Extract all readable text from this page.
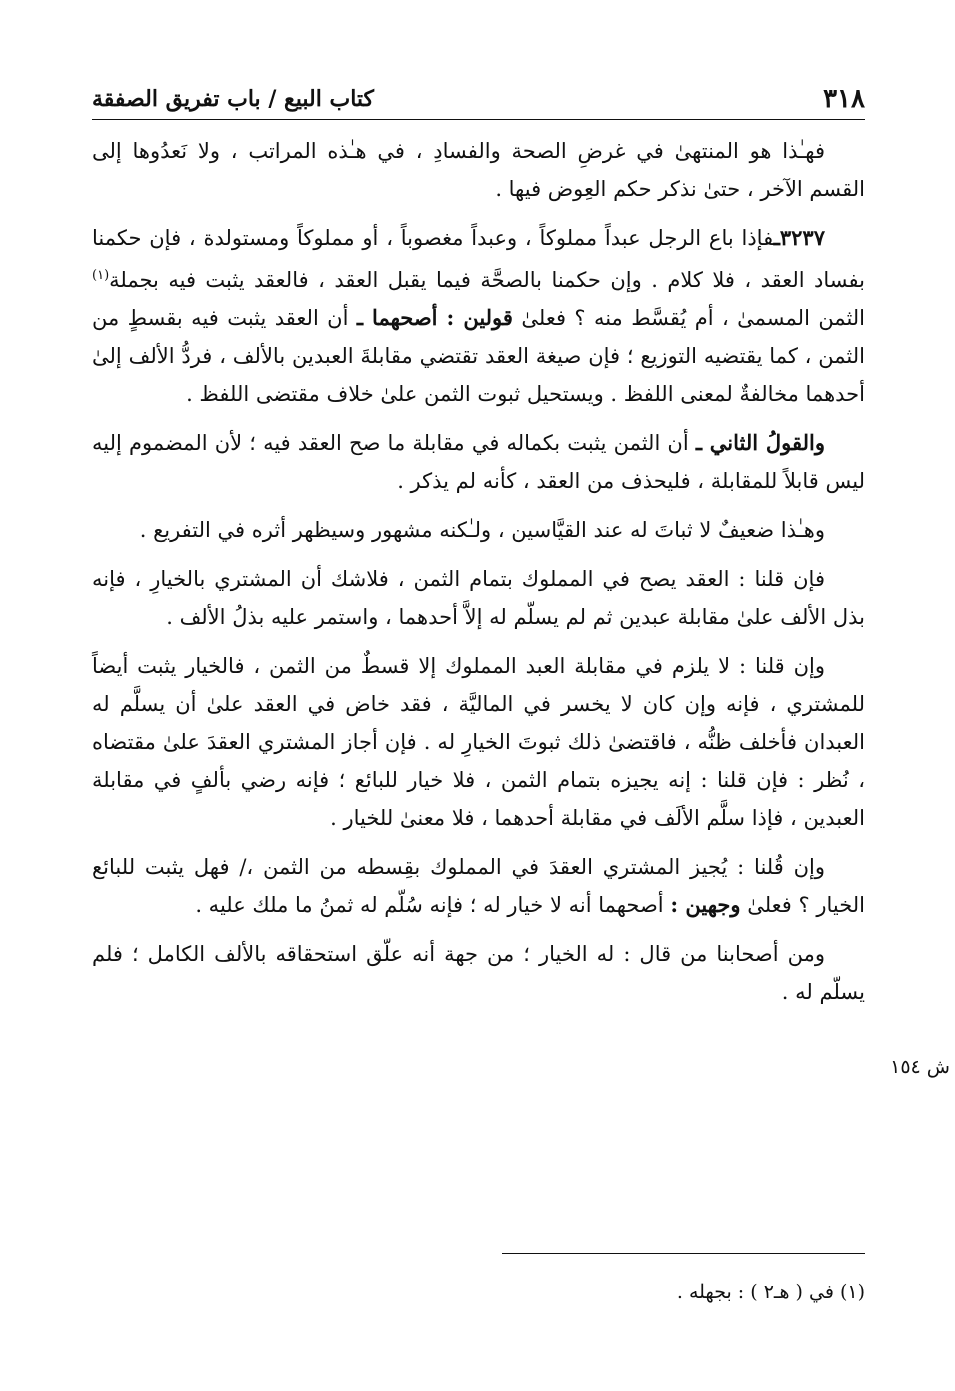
٣١٨
كتاب البيع / باب تفريق الصفقة

فهـٰذا هو المنتهىٰ في غرضِ الصحة والفسادِ ، في هـٰذه المراتب ، ولا نَعدُوها إلى القسم الآخر ، حتىٰ نذكر حكم العِوض فيها .

٣٢٣٧ـفإذا باع الرجل عبداً مملوكاً ، وعبداً مغصوباً ، أو مملوكاً ومستولدة ، فإن حكمنا بفساد العقد ، فلا كلام . وإن حكمنا بالصحَّة فيما يقبل العقد ، فالعقد يثبت فيه بجملة$^{(١)}$ الثمن المسمىٰ ، أم يُقسَّط منه ؟ فعلىٰ قولين : أصحهما ـ أن العقد يثبت فيه بقسطٍ من الثمن ، كما يقتضيه التوزيع ؛ فإن صيغة العقد تقتضي مقابلةَ العبدين بالألف ، فردُّ الألف إلىٰ أحدهما مخالفةٌ لمعنى اللفظ . ويستحيل ثبوت الثمن علىٰ خلاف مقتضى اللفظ .

والقولُ الثاني ـ أن الثمن يثبت بكماله في مقابلة ما صح العقد فيه ؛ لأن المضموم إليه ليس قابلاً للمقابلة ، فليحذف من العقد ، كأنه لم يذكر .

وهـٰذا ضعيفٌ لا ثباتَ له عند القيَّاسين ، ولـٰكنه مشهور وسيظهر أثره في التفريع .

فإن قلنا : العقد يصح في المملوك بتمام الثمن ، فلاشك أن المشتري بالخيارِ ، فإنه بذل الألف علىٰ مقابلة عبدين ثم لم يسلّم له إلاَّ أحدهما ، واستمر عليه بذلُ الألف .

وإن قلنا : لا يلزم في مقابلة العبد المملوك إلا قسطٌ من الثمن ، فالخيار يثبت أيضاً للمشتري ، فإنه وإن كان لا يخسر في الماليَّة ، فقد خاض في العقد علىٰ أن يسلَّم له العبدان فأخلف ظنُّه ، فاقتضىٰ ذلك ثبوتَ الخيارِ له . فإن أجاز المشتري العقدَ علىٰ مقتضاه ، نُظر : فإن قلنا : إنه يجيزه بتمام الثمن ، فلا خيار للبائع ؛ فإنه رضي بألفٍ في مقابلة العبدين ، فإذا سلَّم الألَف في مقابلة أحدهما ، فلا معنىٰ للخيار .

وإن قُلنا : يُجيز المشتري العقدَ في المملوك بقِسطه من الثمن ،/ فهل يثبت للبائع الخيار ؟ فعلىٰ وجهين : أصحهما أنه لا خيار له ؛ فإنه سُلّم له ثمنُ ما ملك عليه .

ومن أصحابنا من قال : له الخيار ؛ من جهة أنه علّق استحقاقه بالألف الكامل ؛ فلم يسلّم له .

ش ١٥٤
(١) في ( هـ٢ ) : بجهله .
